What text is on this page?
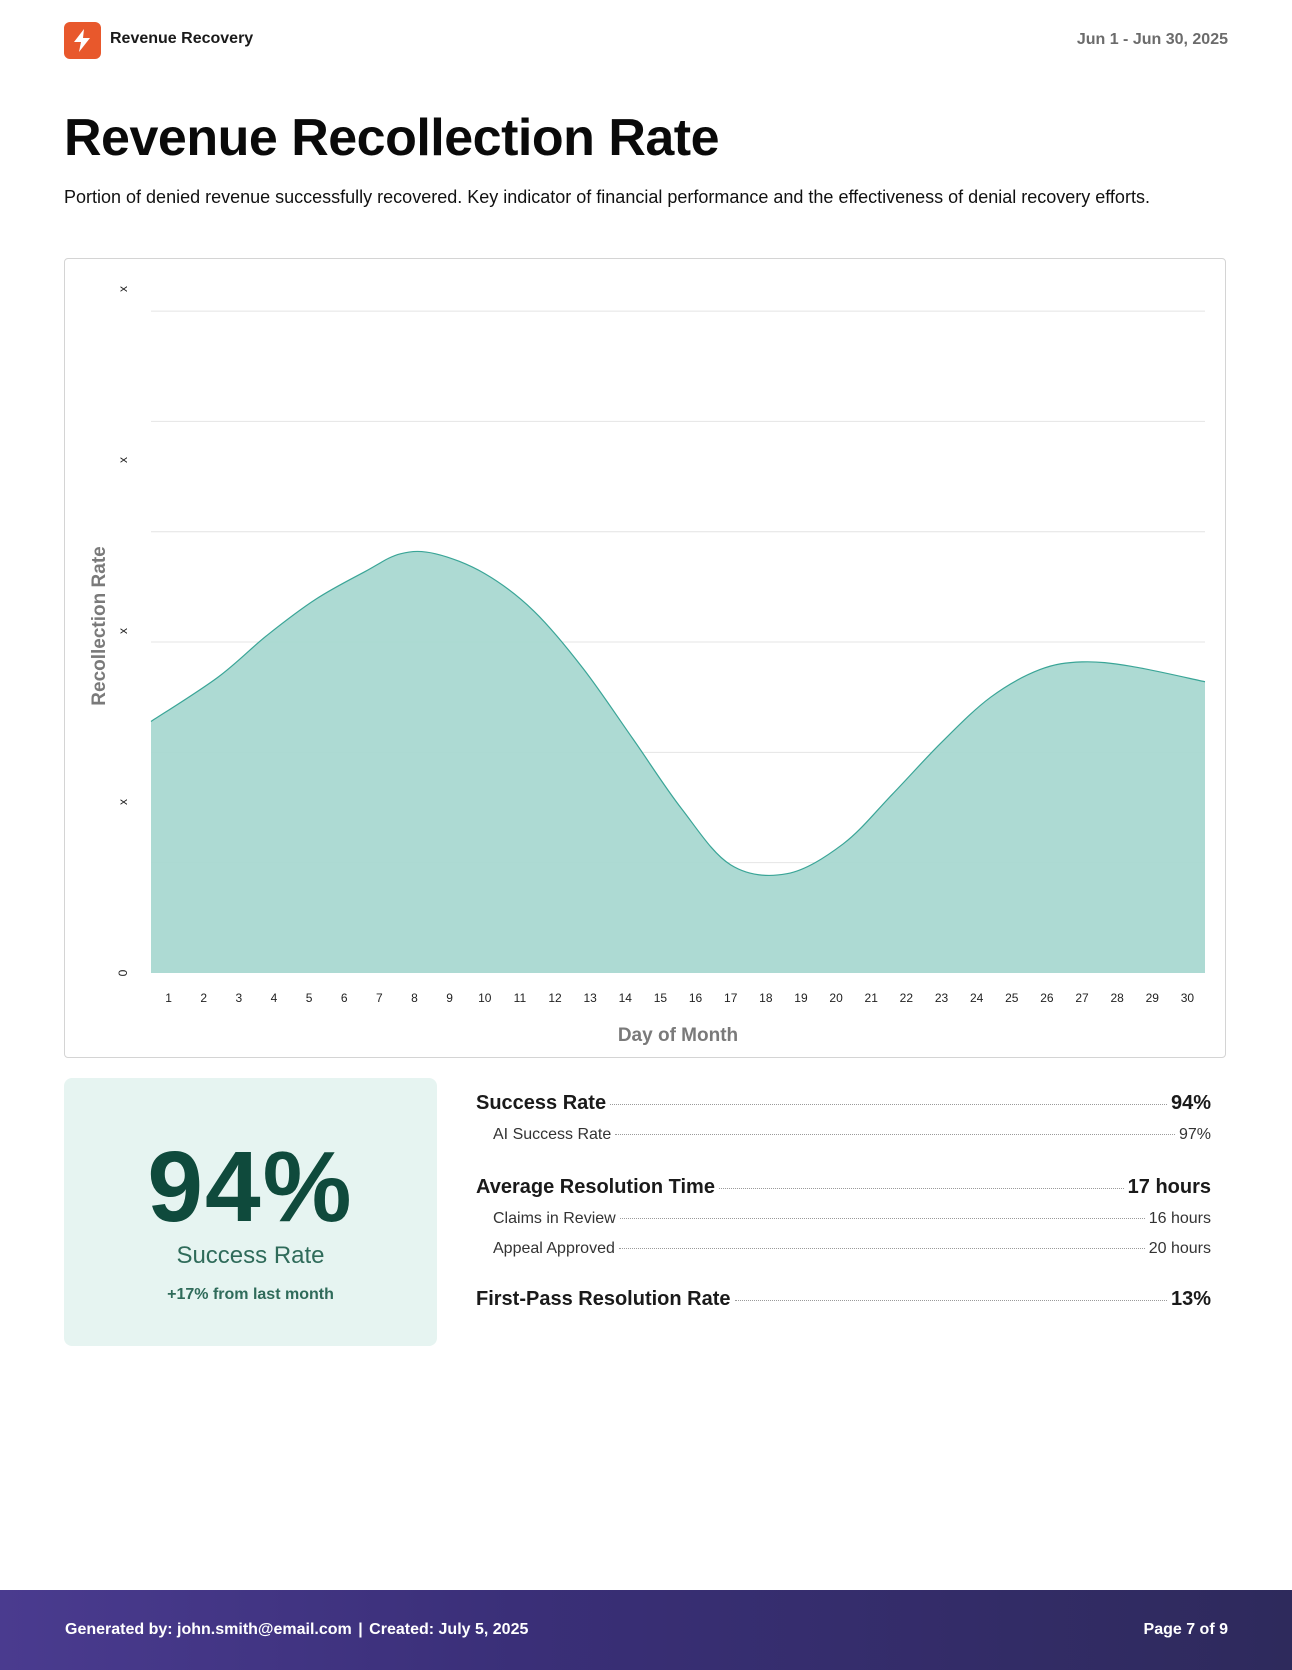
Revenue Recovery	Jun 1 - Jun 30, 2025
Revenue Recollection Rate

Portion of denied revenue successfully recovered. Key indicator of financial performance and the effectiveness of denial recovery efforts.

0
x
x
x
x
1 2 3 4 5 6 7 8 9 10 11 12 13 14 15 16 17 18 19 20 21 22 23 24 25 26 27 28 29 30
Day of Month
Recollection Rate
94%
Success Rate
+17% from last month
Success Rate	94%
AI Success Rate	97%
Average Resolution Time	17 hours
Claims in Review	16 hours
Appeal Approved	20 hours
First-Pass Resolution Rate	13%
Generated by: john.smith@email.com | Created: July 5, 2025	Page 7 of 9
